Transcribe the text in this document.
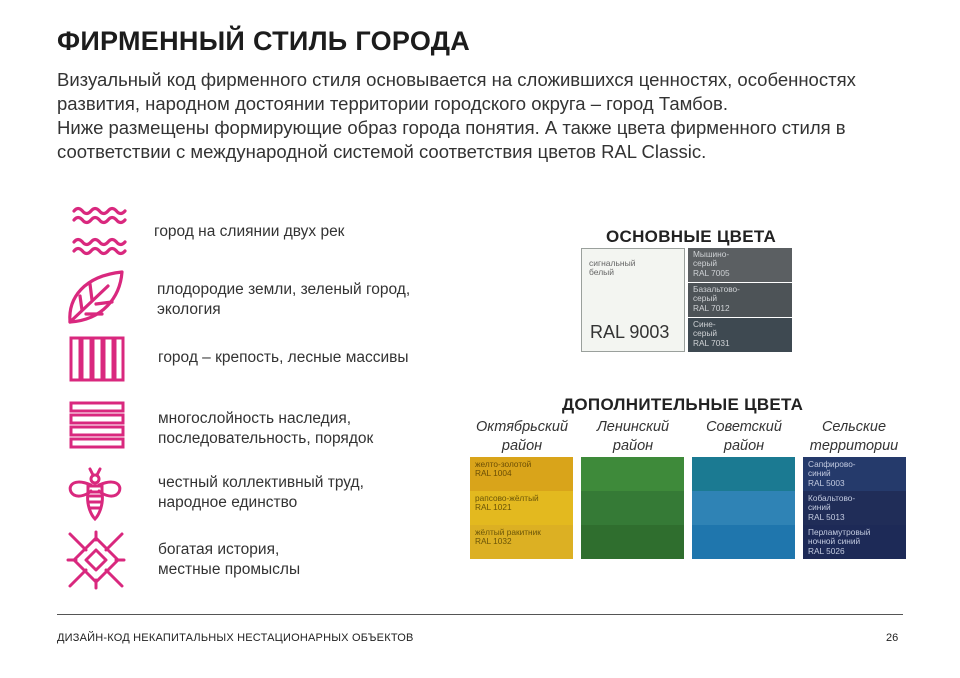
ФИРМЕННЫЙ СТИЛЬ ГОРОДА

Визуальный код фирменного стиля основывается на сложившихся ценностях, особенностях развития, народном достоянии территории городского округа – город Тамбов.

Ниже размещены формирующие образ города понятия. А также цвета фирменного стиля в соответствии с международной системой соответствия цветов RAL Classic.

город на слиянии двух рек
плодородие земли, зеленый город,
экология
город – крепость, лесные массивы
многослойность наследия,
последовательность, порядок
честный коллективный труд,
народное единство
богатая история,
местные промыслы
ОСНОВНЫЕ ЦВЕТА
сигнальный
белый
RAL 9003
Мышино-
серый
RAL 7005
Базальтово-
серый
RAL 7012
Сине-
серый
RAL 7031
ДОПОЛНИТЕЛЬНЫЕ ЦВЕТА
Октябрьский
район
Ленинский
район
Советский
район
Сельские
территории
желто-золотой
RAL 1004
рапсово-жёлтый
RAL 1021
жёлтый ракитник
RAL 1032
Сапфирово-
синий
RAL 5003
Кобальтово-
синий
RAL 5013
Перламутровый
ночной синий
RAL 5026
ДИЗАЙН-КОД НЕКАПИТАЛЬНЫХ НЕСТАЦИОНАРНЫХ ОБЪЕКТОВ	26
